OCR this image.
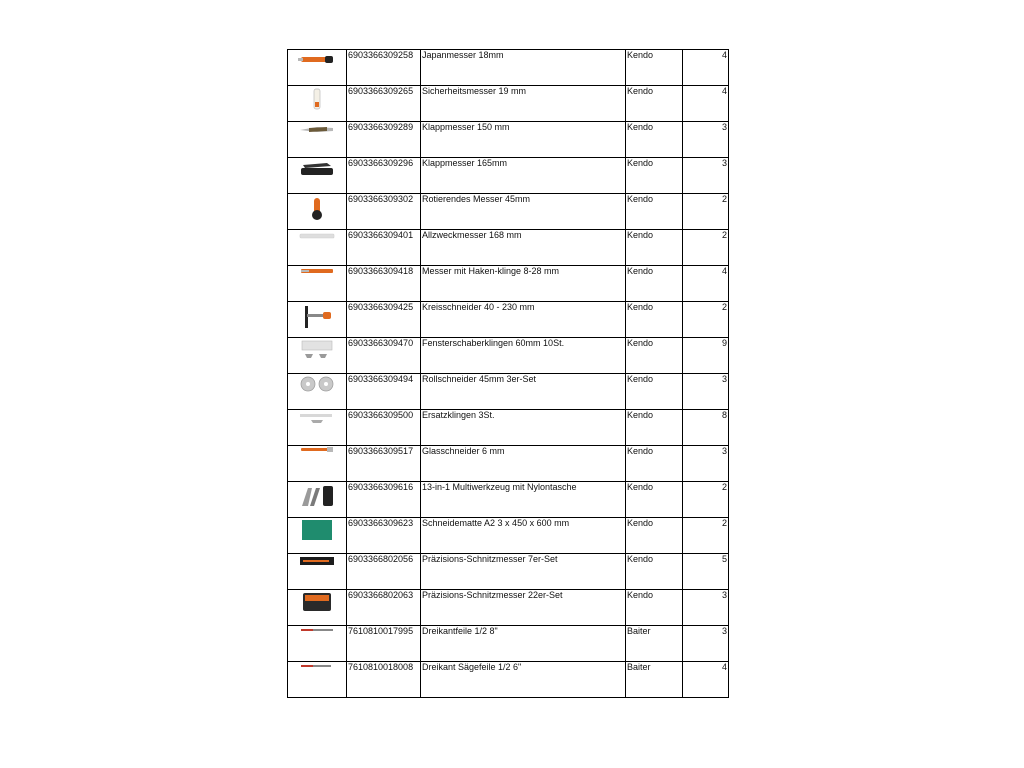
	6903366309258	Japanmesser 18mm	Kendo	4

	6903366309265	Sicherheitsmesser 19 mm	Kendo	4

	6903366309289	Klappmesser 150 mm	Kendo	3

	6903366309296	Klappmesser 165mm	Kendo	3

	6903366309302	Rotierendes Messer 45mm	Kendo	2

	6903366309401	Allzweckmesser 168 mm	Kendo	2

	6903366309418	Messer mit Haken-klinge 8-28 mm	Kendo	4

	6903366309425	Kreisschneider 40 - 230 mm	Kendo	2

	6903366309470	Fensterschaberklingen 60mm 10St.	Kendo	9

	6903366309494	Rollschneider 45mm 3er-Set	Kendo	3

	6903366309500	Ersatzklingen 3St.	Kendo	8

	6903366309517	Glasschneider 6 mm	Kendo	3

	6903366309616	13-in-1 Multiwerkzeug mit Nylontasche	Kendo	2

	6903366309623	Schneidematte A2 3 x 450 x 600 mm	Kendo	2

	6903366802056	Präzisions-Schnitzmesser 7er-Set	Kendo	5

	6903366802063	Präzisions-Schnitzmesser 22er-Set	Kendo	3

	7610810017995	Dreikantfeile 1/2 8"	Baiter	3

	7610810018008	Dreikant Sägefeile 1/2 6"	Baiter	4
